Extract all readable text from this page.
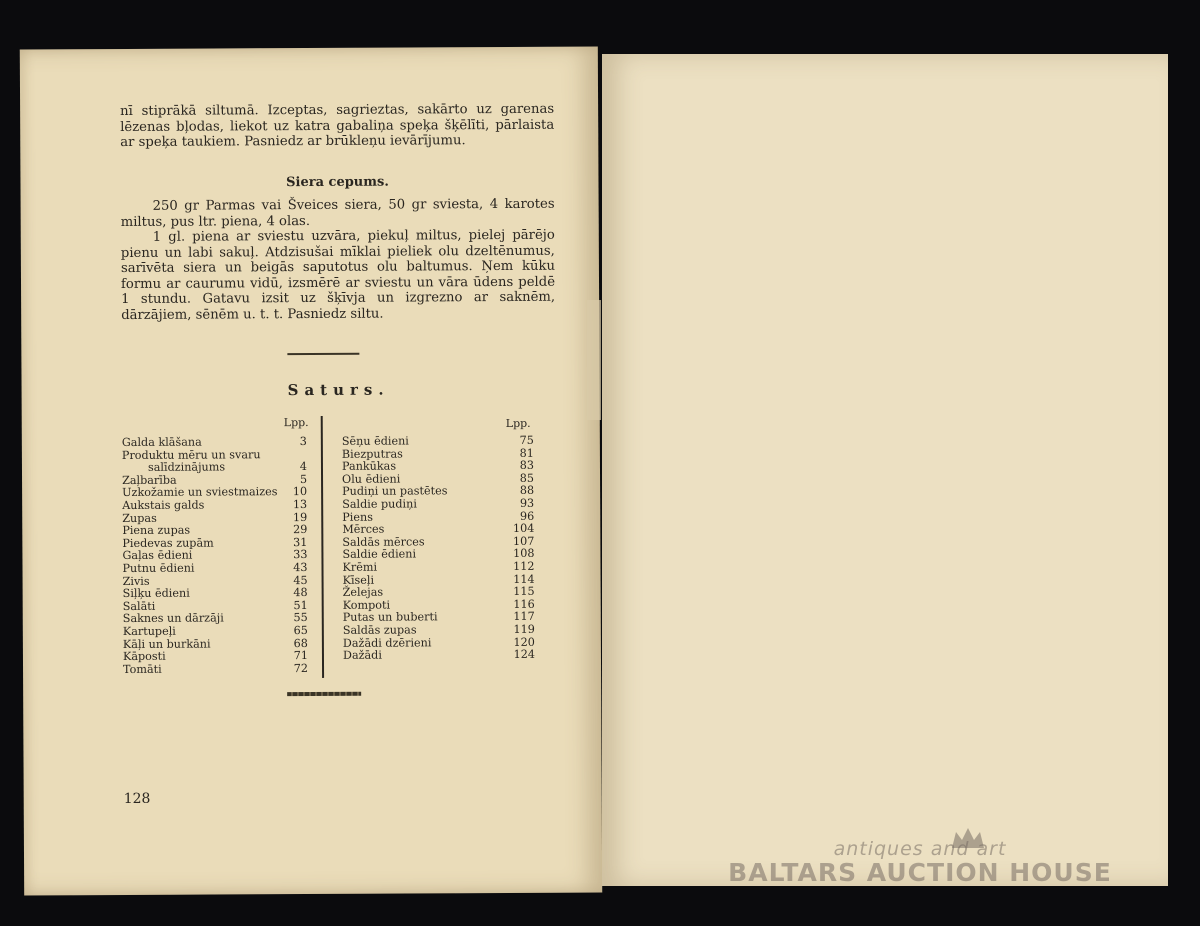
nī stiprākā siltumā. Izceptas, sagrieztas, sakārto uz garenas lēzenas bļodas, liekot uz katra gabaliņa speķa šķēlīti, pārlaista ar speķa taukiem. Pasniedz ar brūkleņu ievārījumu.
Siera cepums.
250 gr Parmas vai Šveices siera, 50 gr sviesta, 4 karotes miltus, pus ltr. piena, 4 olas.
1 gl. piena ar sviestu uzvāra, piekuļ miltus, pielej pārējo pienu un labi sakuļ. Atdzisušai mīklai pieliek olu dzeltēnumus, sarīvēta siera un beigās saputotus olu baltumus. Ņem kūku formu ar caurumu vidū, izsmērē ar sviestu un vāra ūdens peldē 1 stundu. Gatavu izsit uz šķīvja un izgrezno ar saknēm, dārzājiem, sēnēm u. t. t. Pasniedz siltu.
Saturs.
Lpp.	Lpp.
Galda klāšana	3
Produktu mēru un svaru
salīdzinājums	4
Zaļbarība	5
Uzkožamie un sviestmaizes	10
Aukstais galds	13
Zupas	19
Piena zupas	29
Piedevas zupām	31
Gaļas ēdieni	33
Putnu ēdieni	43
Zivis	45
Siļķu ēdieni	48
Salāti	51
Saknes un dārzāji	55
Kartupeļi	65
Kāļi un burkāni	68
Kāposti	71
Tomāti	72
Sēņu ēdieni	75
Biezputras	81
Pankūkas	83
Olu ēdieni	85
Pudiņi un pastētes	88
Saldie pudiņi	93
Piens	96
Mērces	104
Saldās mērces	107
Saldie ēdieni	108
Krēmi	112
Kīseļi	114
Želejas	115
Kompoti	116
Putas un buberti	117
Saldās zupas	119
Dažādi dzērieni	120
Dažādi	124
128
antiques and art
BALTARS AUCTION HOUSE
